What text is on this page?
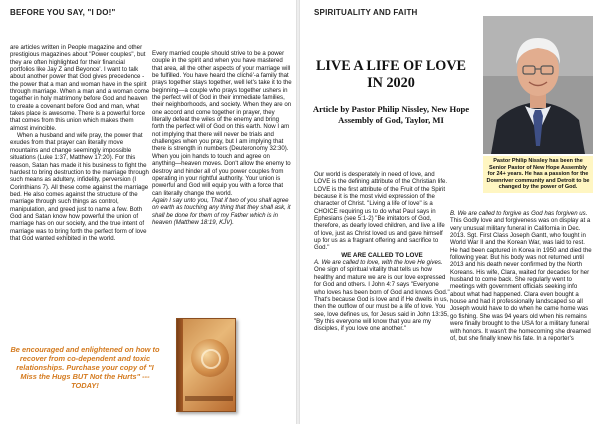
BEFORE YOU SAY, "I DO!"

are articles written in People magazine and other prestigious magazines about "Power couples", but they are often highlighted for their financial portfolios like Jay Z and Beyonce'. I want to talk about another power that God gives precedence -the power that a man and woman have in the spirit through marriage. When a man and a woman come together in holy matrimony before God and heaven to create a covenant before God and man, what takes place is awesome. There is a powerful force that comes from this union which makes them almost invincible.

When a husband and wife pray, the power that exudes from that prayer can literally move mountains and change seemingly impossible situations (Luke 1:37, Matthew 17:20). For this reason, Satan has made it his business to fight the hardest to bring destruction to the marriage through such means as adultery, infidelity, perversion (I Corinthians 7). All these come against the marriage bed. He also comes against the structure of the marriage through such things as control, manipulation, and greed just to name a few. Both God and Satan know how powerful the union of marriage has on our society, and the true intent of marriage was to bring forth the perfect form of love that God wanted exhibited in the world.

Every married couple should strive to be a power couple in the spirit and when you have mastered that area, all the other aspects of your marriage will be fulfilled. You have heard the cliché'-a family that prays together stays together, well let's take it to the beginning—a couple who prays together ushers in the perfect will of God in their immediate families, their neighborhoods, and society. When they are on one accord and come together in prayer, they literally defeat the wiles of the enemy and bring forth the perfect will of God on this earth. Now I am not implying that there will never be trials and challenges when you pray, but I am implying that there is strength in numbers (Deuteronomy 32:30). When you join hands to touch and agree on anything—heaven moves. Don't allow the enemy to destroy and hinder all of you power couples from operating in your rightful authority. Your union is powerful and God will equip you with a force that can literally change the world.

Again I say unto you, That if two of you shall agree on earth as touching any thing that they shall ask, it shall be done for them of my Father which is in heaven (Matthew 18:19, KJV).

Be encouraged and enlightened on how to recover from co-dependent and toxic relationships. Purchase your copy of "I Miss the Hugs BUT Not the Hurts" --- TODAY!
SPIRITUALITY AND FAITH
LIVE A LIFE OF LOVE IN 2020
Article by Pastor Philip Nissley, New Hope Assembly of God, Taylor, MI
Pastor Philip Nissley has been the Senior Pastor of New Hope Assembly for 24+ years. He has a passion for the Downriver community and Detroit to be changed by the power of God.

Our world is desperately in need of love, and LOVE is the defining attribute of the Christian life. LOVE is the first attribute of the Fruit of the Spirit because it is the most vivid expression of the character of Christ. "Living a life of love" is a CHOICE requiring us to do what Paul says in Ephesians (see 5:1-2) "Be imitators of God, therefore, as dearly loved children, and live a life of love, just as Christ loved us and gave himself up for us as a fragrant offering and sacrifice to God."

WE ARE CALLED TO LOVE

A. We are called to love, with the love He gives. One sign of spiritual vitality that tells us how healthy and mature we are is our love expressed for God and others. I John 4:7 says "Everyone who loves has been born of God and knows God." That's because God is love and if He dwells in us, then the outflow of our must be a life of love. You see, love defines us, for Jesus said in John 13:35, "By this everyone will know that you are my disciples, if you love one another."

B. We are called to forgive as God has forgiven us. This Godly love and forgiveness was on display at a very unusual military funeral in California in Dec. 2013. Sgt. First Class Joseph Gantt, who fought in World War II and the Korean War, was laid to rest. He had been captured in Korea in 1950 and died the following year. But his body was not returned until 2013 and his death never confirmed by the North Koreans. His wife, Clara, waited for decades for her husband to come back. She regularly went to meetings with government officials seeking info about what had happened. Clara even bought a house and had it professionally landscaped so all Joseph would have to do when he came home was go fishing. She was 94 years old when his remains were finally brought to the USA for a military funeral with honors. It wasn't the homecoming she dreamed of, but she finally knew his fate. In a reporter's
